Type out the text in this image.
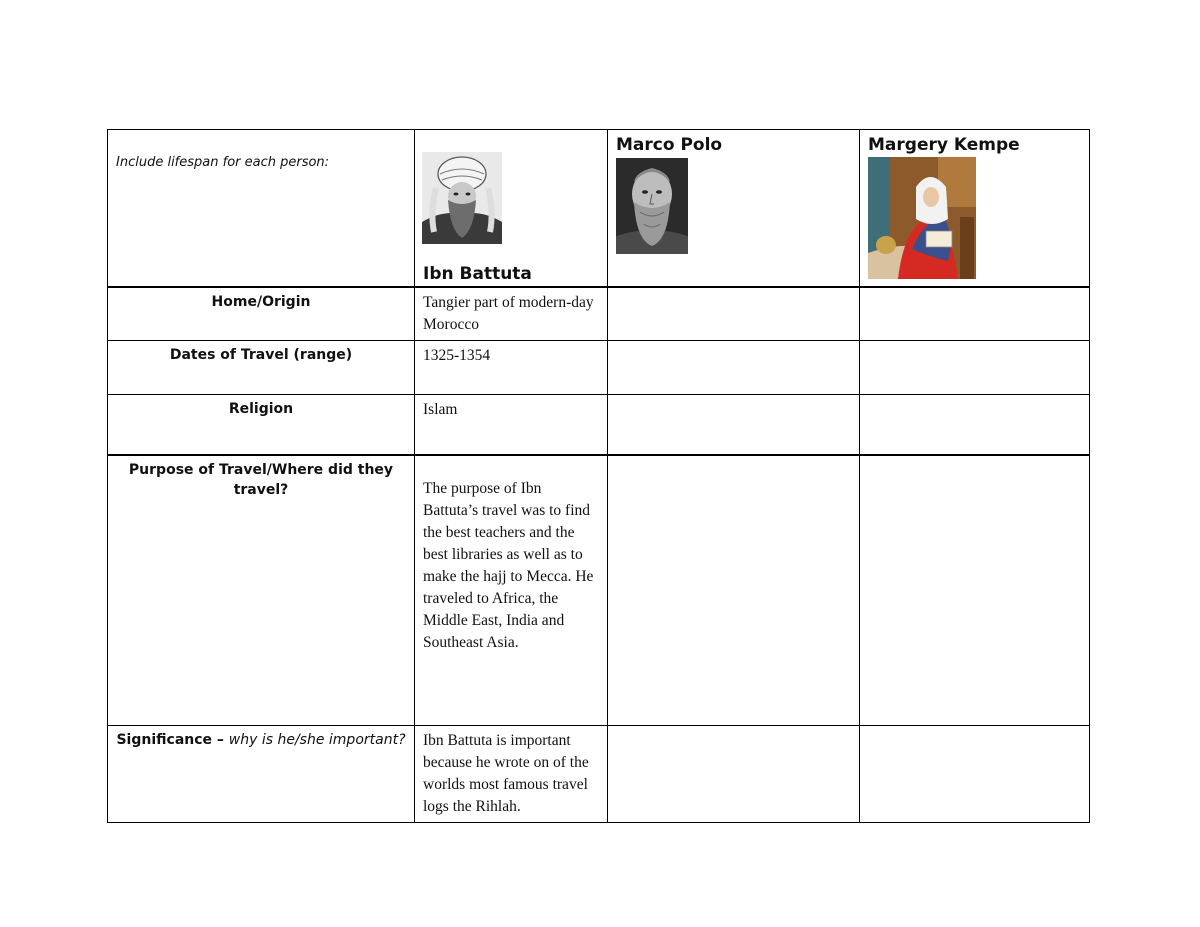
Include lifespan for each person:	Ibn Battuta	Marco Polo	Margery Kempe

Home/Origin	Tangier part of modern-day Morocco		
Dates of Travel (range)	1325-1354		
Religion	Islam		
Purpose of Travel/Where did they travel?	The purpose of Ibn Battuta’s travel was to find the best teachers and the best libraries as well as to make the hajj to Mecca. He traveled to Africa, the Middle East, India and Southeast Asia.		
Significance – why is he/she important?	Ibn Battuta is important because he wrote on of the worlds most famous travel logs the Rihlah.		
